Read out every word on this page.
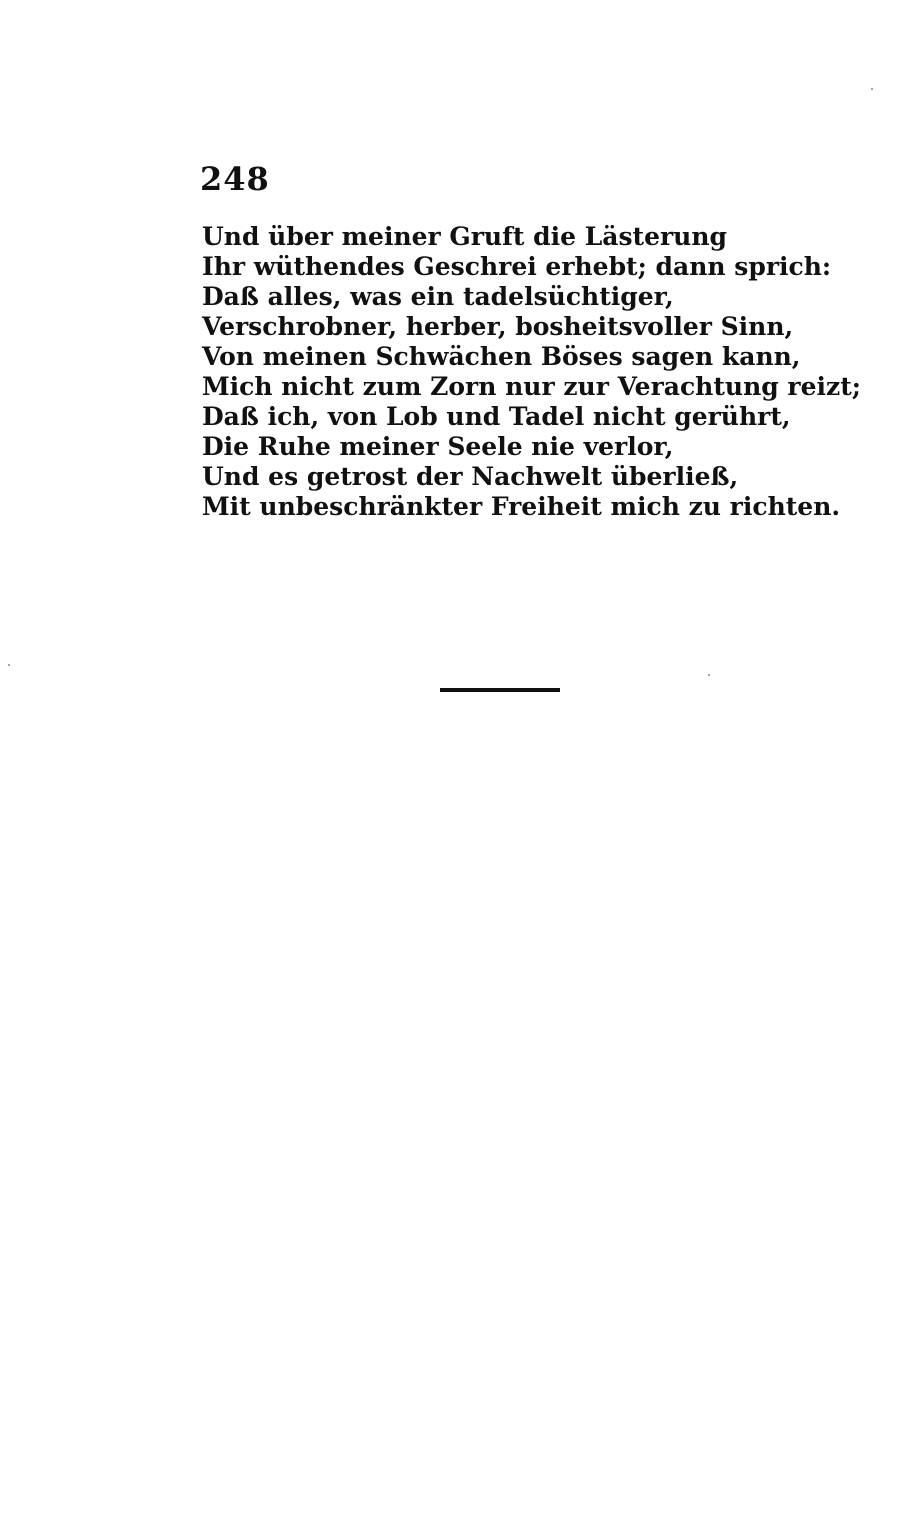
248
Und über meiner Gruft die Lästerung
Ihr wüthendes Geschrei erhebt; dann sprich:
Daß alles, was ein tadelsüchtiger,
Verschrobner, herber, bosheitsvoller Sinn,
Von meinen Schwächen Böses sagen kann,
Mich nicht zum Zorn nur zur Verachtung reizt;
Daß ich, von Lob und Tadel nicht gerührt,
Die Ruhe meiner Seele nie verlor,
Und es getrost der Nachwelt überließ,
Mit unbeschränkter Freiheit mich zu richten.
